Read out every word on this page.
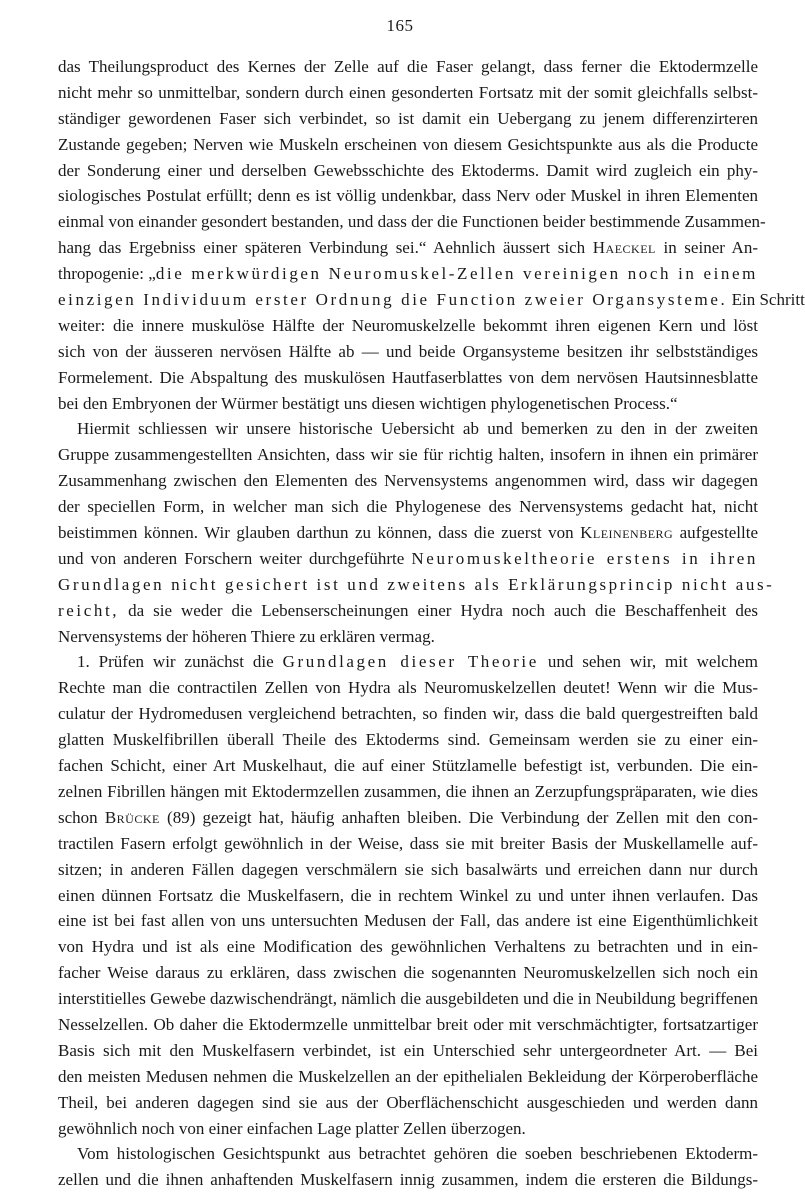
165

das Theilungsproduct des Kernes der Zelle auf die Faser gelangt, dass ferner die Ektodermzelle

nicht mehr so unmittelbar, sondern durch einen gesonderten Fortsatz mit der somit gleichfalls selbst-

ständiger gewordenen Faser sich verbindet, so ist damit ein Uebergang zu jenem differenzirteren

Zustande gegeben; Nerven wie Muskeln erscheinen von diesem Gesichtspunkte aus als die Producte

der Sonderung einer und derselben Gewebsschichte des Ektoderms. Damit wird zugleich ein phy-

siologisches Postulat erfüllt; denn es ist völlig undenkbar, dass Nerv oder Muskel in ihren Elementen

einmal von einander gesondert bestanden, und dass der die Functionen beider bestimmende Zusammen-

hang das Ergebniss einer späteren Verbindung sei.“ Aehnlich äussert sich Haeckel in seiner An-

thropogenie: „die merkwürdigen Neuromuskel-Zellen vereinigen noch in einem

einzigen Individuum erster Ordnung die Function zweier Organsysteme. Ein Schritt

weiter: die innere muskulöse Hälfte der Neuromuskelzelle bekommt ihren eigenen Kern und löst

sich von der äusseren nervösen Hälfte ab — und beide Organsysteme besitzen ihr selbstständiges

Formelement. Die Abspaltung des muskulösen Hautfaserblattes von dem nervösen Hautsinnesblatte

bei den Embryonen der Würmer bestätigt uns diesen wichtigen phylogenetischen Process.“

Hiermit schliessen wir unsere historische Uebersicht ab und bemerken zu den in der zweiten

Gruppe zusammengestellten Ansichten, dass wir sie für richtig halten, insofern in ihnen ein primärer

Zusammenhang zwischen den Elementen des Nervensystems angenommen wird, dass wir dagegen

der speciellen Form, in welcher man sich die Phylogenese des Nervensystems gedacht hat, nicht

beistimmen können. Wir glauben darthun zu können, dass die zuerst von Kleinenberg aufgestellte

und von anderen Forschern weiter durchgeführte Neuromuskeltheorie erstens in ihren

Grundlagen nicht gesichert ist und zweitens als Erklärungsprincip nicht aus-

reicht, da sie weder die Lebenserscheinungen einer Hydra noch auch die Beschaffenheit des

Nervensystems der höheren Thiere zu erklären vermag.

1. Prüfen wir zunächst die Grundlagen dieser Theorie und sehen wir, mit welchem

Rechte man die contractilen Zellen von Hydra als Neuromuskelzellen deutet! Wenn wir die Mus-

culatur der Hydromedusen vergleichend betrachten, so finden wir, dass die bald quergestreiften bald

glatten Muskelfibrillen überall Theile des Ektoderms sind. Gemeinsam werden sie zu einer ein-

fachen Schicht, einer Art Muskelhaut, die auf einer Stützlamelle befestigt ist, verbunden. Die ein-

zelnen Fibrillen hängen mit Ektodermzellen zusammen, die ihnen an Zerzupfungspräparaten, wie dies

schon Brücke (89) gezeigt hat, häufig anhaften bleiben. Die Verbindung der Zellen mit den con-

tractilen Fasern erfolgt gewöhnlich in der Weise, dass sie mit breiter Basis der Muskellamelle auf-

sitzen; in anderen Fällen dagegen verschmälern sie sich basalwärts und erreichen dann nur durch

einen dünnen Fortsatz die Muskelfasern, die in rechtem Winkel zu und unter ihnen verlaufen. Das

eine ist bei fast allen von uns untersuchten Medusen der Fall, das andere ist eine Eigenthümlichkeit

von Hydra und ist als eine Modification des gewöhnlichen Verhaltens zu betrachten und in ein-

facher Weise daraus zu erklären, dass zwischen die sogenannten Neuromuskelzellen sich noch ein

interstitielles Gewebe dazwischendrängt, nämlich die ausgebildeten und die in Neubildung begriffenen

Nesselzellen. Ob daher die Ektodermzelle unmittelbar breit oder mit verschmächtigter, fortsatzartiger

Basis sich mit den Muskelfasern verbindet, ist ein Unterschied sehr untergeordneter Art. — Bei

den meisten Medusen nehmen die Muskelzellen an der epithelialen Bekleidung der Körperoberfläche

Theil, bei anderen dagegen sind sie aus der Oberflächenschicht ausgeschieden und werden dann

gewöhnlich noch von einer einfachen Lage platter Zellen überzogen.

Vom histologischen Gesichtspunkt aus betrachtet gehören die soeben beschriebenen Ektoderm-

zellen und die ihnen anhaftenden Muskelfasern innig zusammen, indem die ersteren die Bildungs-
